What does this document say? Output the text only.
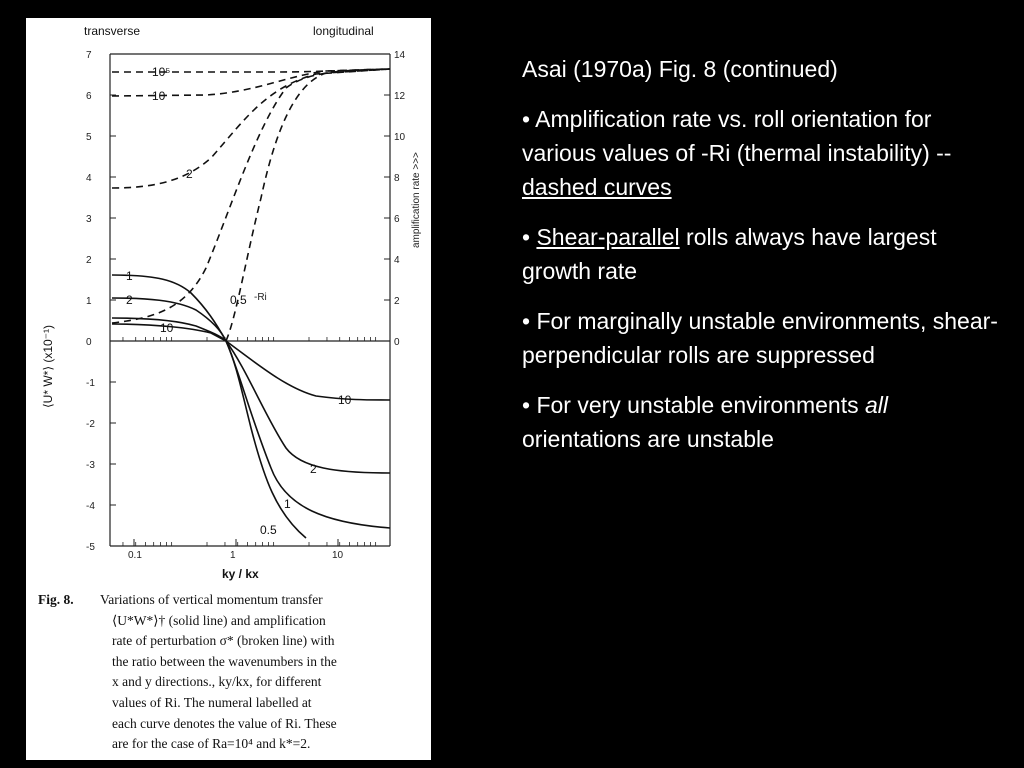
transverse	longitudinal
7
6
5
4
3
2
1
0
-1
-2
-3
-4
-5
14
12
10
8
6
4
2
0
0.1	1	10
⟨U* W*⟩ (x10⁻¹)
amplification rate >>>
ky / kx
10⁵
10
2
0.5 -Ri
1
2
10
10
2
1
0.5
Fig. 8.	Variations of vertical momentum transfer
⟨U*W*⟩† (solid line) and amplification
rate of perturbation σ* (broken line) with
the ratio between the wavenumbers in the
x and y directions., ky/kx, for different
values of Ri. The numeral labelled at
each curve denotes the value of Ri. These
are for the case of Ra=10⁴ and k*=2.

Asai (1970a) Fig. 8 (continued)

• Amplification rate vs. roll orientation for various values of -Ri (thermal instability) -- dashed curves

• Shear-parallel rolls always have largest growth rate

• For marginally unstable environments, shear-perpendicular rolls are suppressed

• For very unstable environments all orientations are unstable
